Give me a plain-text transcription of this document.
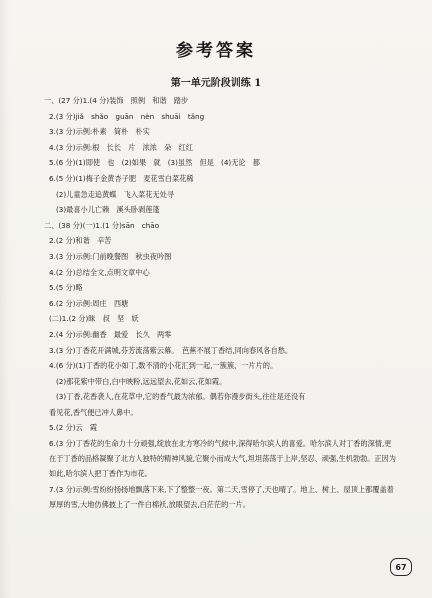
参考答案
第一单元阶段训练 1
一、(27 分)1.(4 分)装饰　照例　和谐　踏步
2.(3 分)jiǎ　shǎo　guān　nèn　shuāi　tǎng
3.(3 分)示例:朴素　简朴　朴实
4.(3 分)示例:根　长长　片　浓浓　朵　红红
5.(6 分)(1)即使　也　(2)如果　就　(3)虽然　但是　(4)无论　都
6.(5 分)(1)梅子金黄杏子肥　麦花雪白菜花稀
(2)儿童急走追黄蝶　飞入菜花无处寻
(3)最喜小儿亡赖　溪头卧剥莲蓬
二、(38 分)(一)1.(1 分)sān　chāo
2.(2 分)和谐　辛苦
3.(3 分)示例:门前晚餐图　秋虫夜吟图
4.(2 分)总结全文,点明文章中心
5.(5 分)略
6.(2 分)示例:周庄　西塘
(二)1.(2 分)昧　叔　坚　妖
2.(4 分)示例:幽香　最爱　长久　两零
3.(3 分)丁香花开满城,芬芳流荡紫云幕。　芭蕉不展丁香结,同向春风各自愁。
4.(6 分)(1)丁香的花小如丁,数不清的小花汇到一起,一簇簇、一片片的。
(2)那花紫中带白,白中映粉,远远望去,花如云,花如霞。
(3)丁香,花香袭人,在花草中,它的香气最为浓郁。偶若你漫步街头,往往是还没有
看见花,香气便已冲人鼻中。
5.(2 分)云　霞
6.(3 分)丁香花的生命力十分顽强,绽放在北方寒冷的气候中,深得哈尔滨人的喜爱。哈尔滨人对丁香的深情,更在于丁香的品格凝聚了北方人独特的精神风貌,它聚小而成大气,坦坦荡荡于上岸,坚忍、顽强,生机勃勃。正因为如此,哈尔滨人把丁香作为市花。
7.(3 分)示例:雪纷纷扬扬地飘落下来,下了整整一夜。第二天,雪停了,天也晴了。地上、树上、屋顶上都覆盖着厚厚的雪,大地仿佛披上了一件白棉袄,放眼望去,白茫茫的一片。
67
